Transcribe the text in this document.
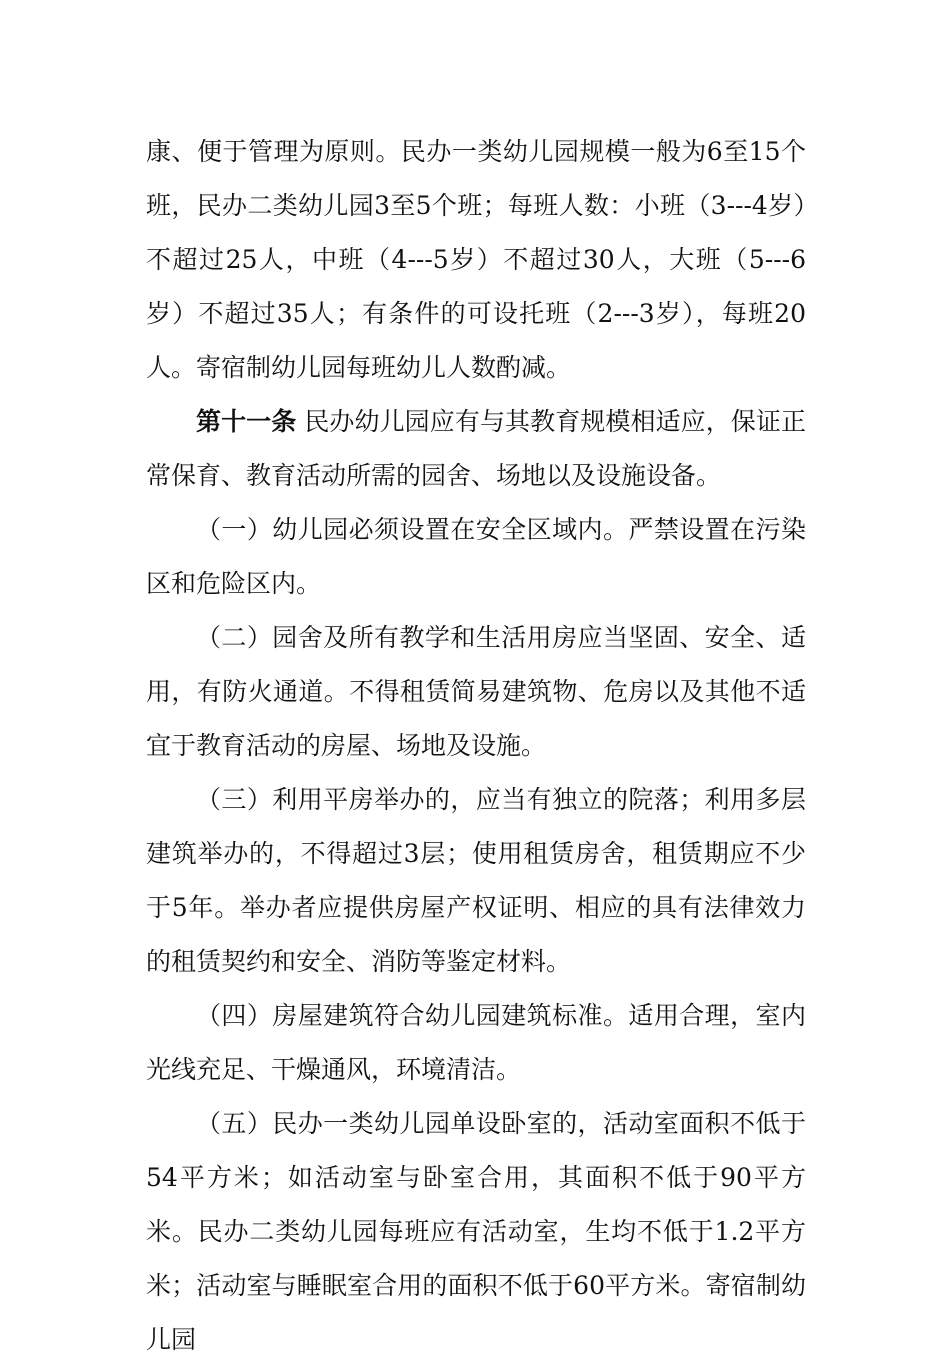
康、便于管理为原则。民办一类幼儿园规模一般为6至15个班，民办二类幼儿园3至5个班；每班人数：小班（3---4岁）不超过25人，中班（4---5岁）不超过30人，大班（5---6岁）不超过35人；有条件的可设托班（2---3岁），每班20人。寄宿制幼儿园每班幼儿人数酌减。

第十一条 民办幼儿园应有与其教育规模相适应，保证正常保育、教育活动所需的园舍、场地以及设施设备。

（一）幼儿园必须设置在安全区域内。严禁设置在污染区和危险区内。

（二）园舍及所有教学和生活用房应当坚固、安全、适用，有防火通道。不得租赁简易建筑物、危房以及其他不适宜于教育活动的房屋、场地及设施。

（三）利用平房举办的，应当有独立的院落；利用多层建筑举办的，不得超过3层；使用租赁房舍，租赁期应不少于5年。举办者应提供房屋产权证明、相应的具有法律效力的租赁契约和安全、消防等鉴定材料。

（四）房屋建筑符合幼儿园建筑标准。适用合理，室内光线充足、干燥通风，环境清洁。

（五）民办一类幼儿园单设卧室的，活动室面积不低于54平方米；如活动室与卧室合用，其面积不低于90平方米。民办二类幼儿园每班应有活动室，生均不低于1.2平方米；活动室与睡眠室合用的面积不低于60平方米。寄宿制幼儿园
